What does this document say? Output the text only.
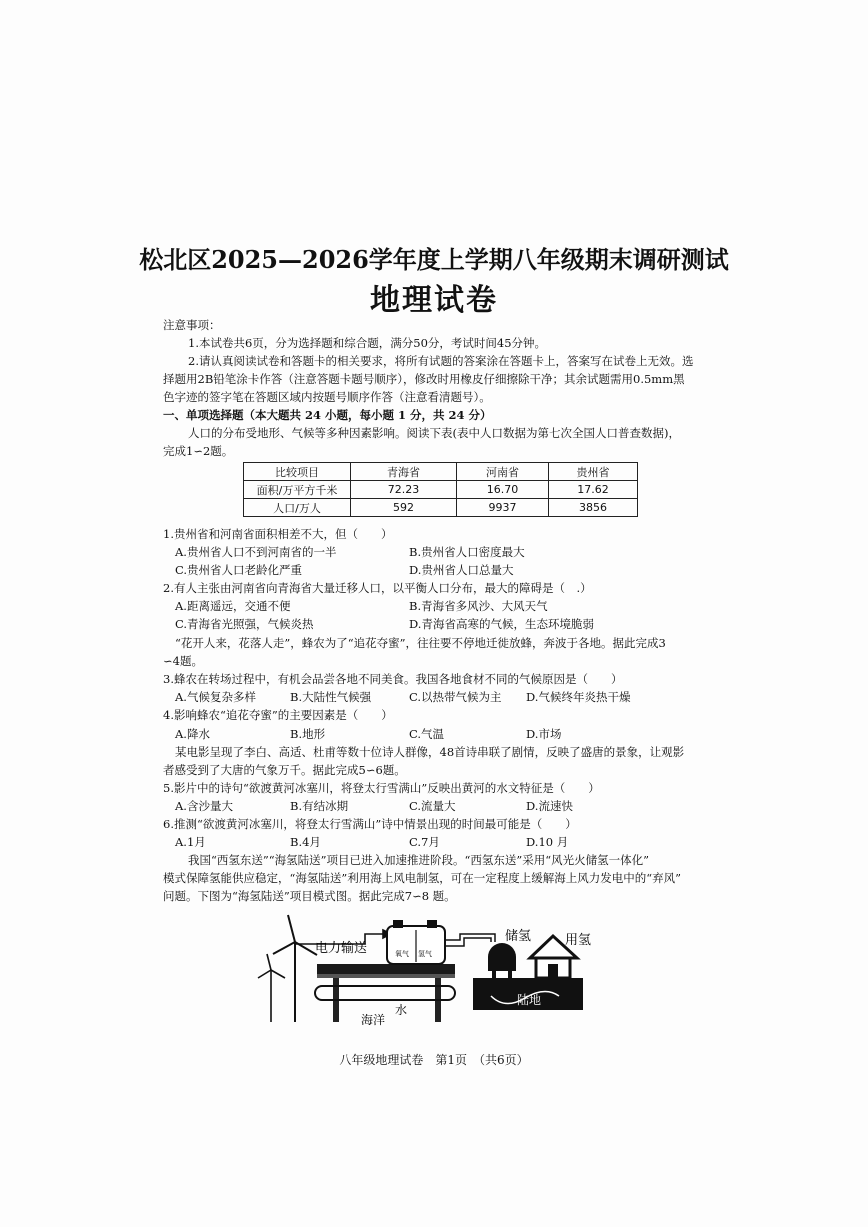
松北区2025—2026学年度上学期八年级期末调研测试
地理试卷
注意事项：
1.本试卷共6页，分为选择题和综合题，满分50分，考试时间45分钟。
2.请认真阅读试卷和答题卡的相关要求，将所有试题的答案涂在答题卡上，答案写在试卷上无效。选
择题用2B铅笔涂卡作答（注意答题卡题号顺序），修改时用橡皮仔细擦除干净；其余试题需用0.5mm黑
色字迹的签字笔在答题区域内按题号顺序作答（注意看清题号）。
一、单项选择题（本大题共 24 小题，每小题 1 分，共 24 分）
人口的分布受地形、气候等多种因素影响。阅读下表(表中人口数据为第七次全国人口普查数据)，
完成1∽2题。
比较项目	青海省	河南省	贵州省
面积/万平方千米	72.23	16.70	17.62
人口/万人	592	9937	3856
1.贵州省和河南省面积相差不大，但（　　）
A.贵州省人口不到河南省的一半	B.贵州省人口密度最大
C.贵州省人口老龄化严重	D.贵州省人口总量大
2.有人主张由河南省向青海省大量迁移人口，以平衡人口分布，最大的障碍是（　.）
A.距离遥远，交通不便	B.青海省多风沙、大风天气
C.青海省光照强，气候炎热	D.青海省高寒的气候，生态环境脆弱
“花开人来，花落人走”，蜂农为了“追花夺蜜”，往往要不停地迁徙放蜂，奔波于各地。据此完成3
∽4题。
3.蜂农在转场过程中，有机会品尝各地不同美食。我国各地食材不同的气候原因是（　　）
A.气候复杂多样	B.大陆性气候强	C.以热带气候为主 D.气候终年炎热干燥
4.影响蜂农“追花夺蜜”的主要因素是（　　）
A.降水	B.地形	C.气温	D.市场
某电影呈现了李白、高适、杜甫等数十位诗人群像，48首诗串联了剧情，反映了盛唐的景象，让观影
者感受到了大唐的气象万千。据此完成5∽6题。
5.影片中的诗句“欲渡黄河冰塞川，将登太行雪满山”反映出黄河的水文特征是（　　）
A.含沙量大	B.有结冰期	C.流量大	D.流速快
6.推测“欲渡黄河冰塞川，将登太行雪满山”诗中情景出现的时间最可能是（　　）
A.1月	B.4月	C.7月	D.10 月
我国“西氢东送”“海氢陆送”项目已进入加速推进阶段。“西氢东送”采用“风光火储氢一体化”
模式保障氢能供应稳定，“海氢陆送”利用海上风电制氢，可在一定程度上缓解海上风力发电中的“弃风”
问题。下图为“海氢陆送”项目模式图。据此完成7∽8 题。
氧气 氢气
陆地
电力输送
储氢	用氢
水
海洋
八年级地理试卷　第1页　（共6页）
